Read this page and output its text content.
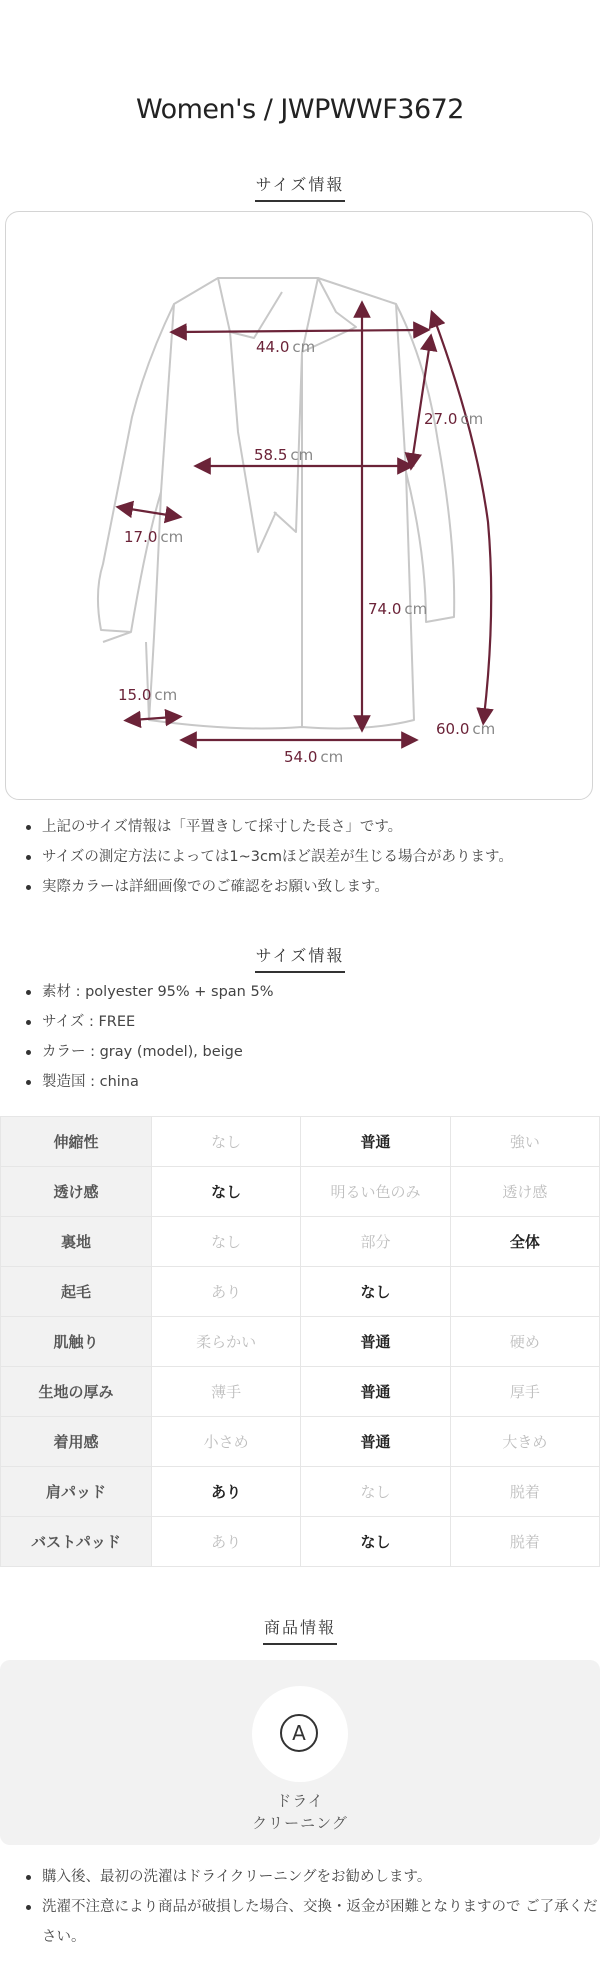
Women's / JWPWWF3672
サイズ情報
44.0 cm
58.5 cm
27.0 cm
17.0 cm
74.0 cm
15.0 cm
60.0 cm
54.0 cm
上記のサイズ情報は「平置きして採寸した長さ」です。
サイズの測定方法によっては1~3cmほど誤差が生じる場合があります。
実際カラーは詳細画像でのご確認をお願い致します。
サイズ情報
素材 : polyester 95% + span 5%
サイズ : FREE
カラー : gray (model), beige
製造国 : china
伸縮性	なし	普通	強い
透け感	なし	明るい色のみ	透け感
裏地	なし	部分	全体
起毛	あり	なし	
肌触り	柔らかい	普通	硬め
生地の厚み	薄手	普通	厚手
着用感	小さめ	普通	大きめ
肩パッド	あり	なし	脱着
バストパッド	あり	なし	脱着
商品情報
A
ドライ
クリーニング
購入後、最初の洗濯はドライクリーニングをお勧めします。
洗濯不注意により商品が破損した場合、交換・返金が困難となりますので ご了承ください。
